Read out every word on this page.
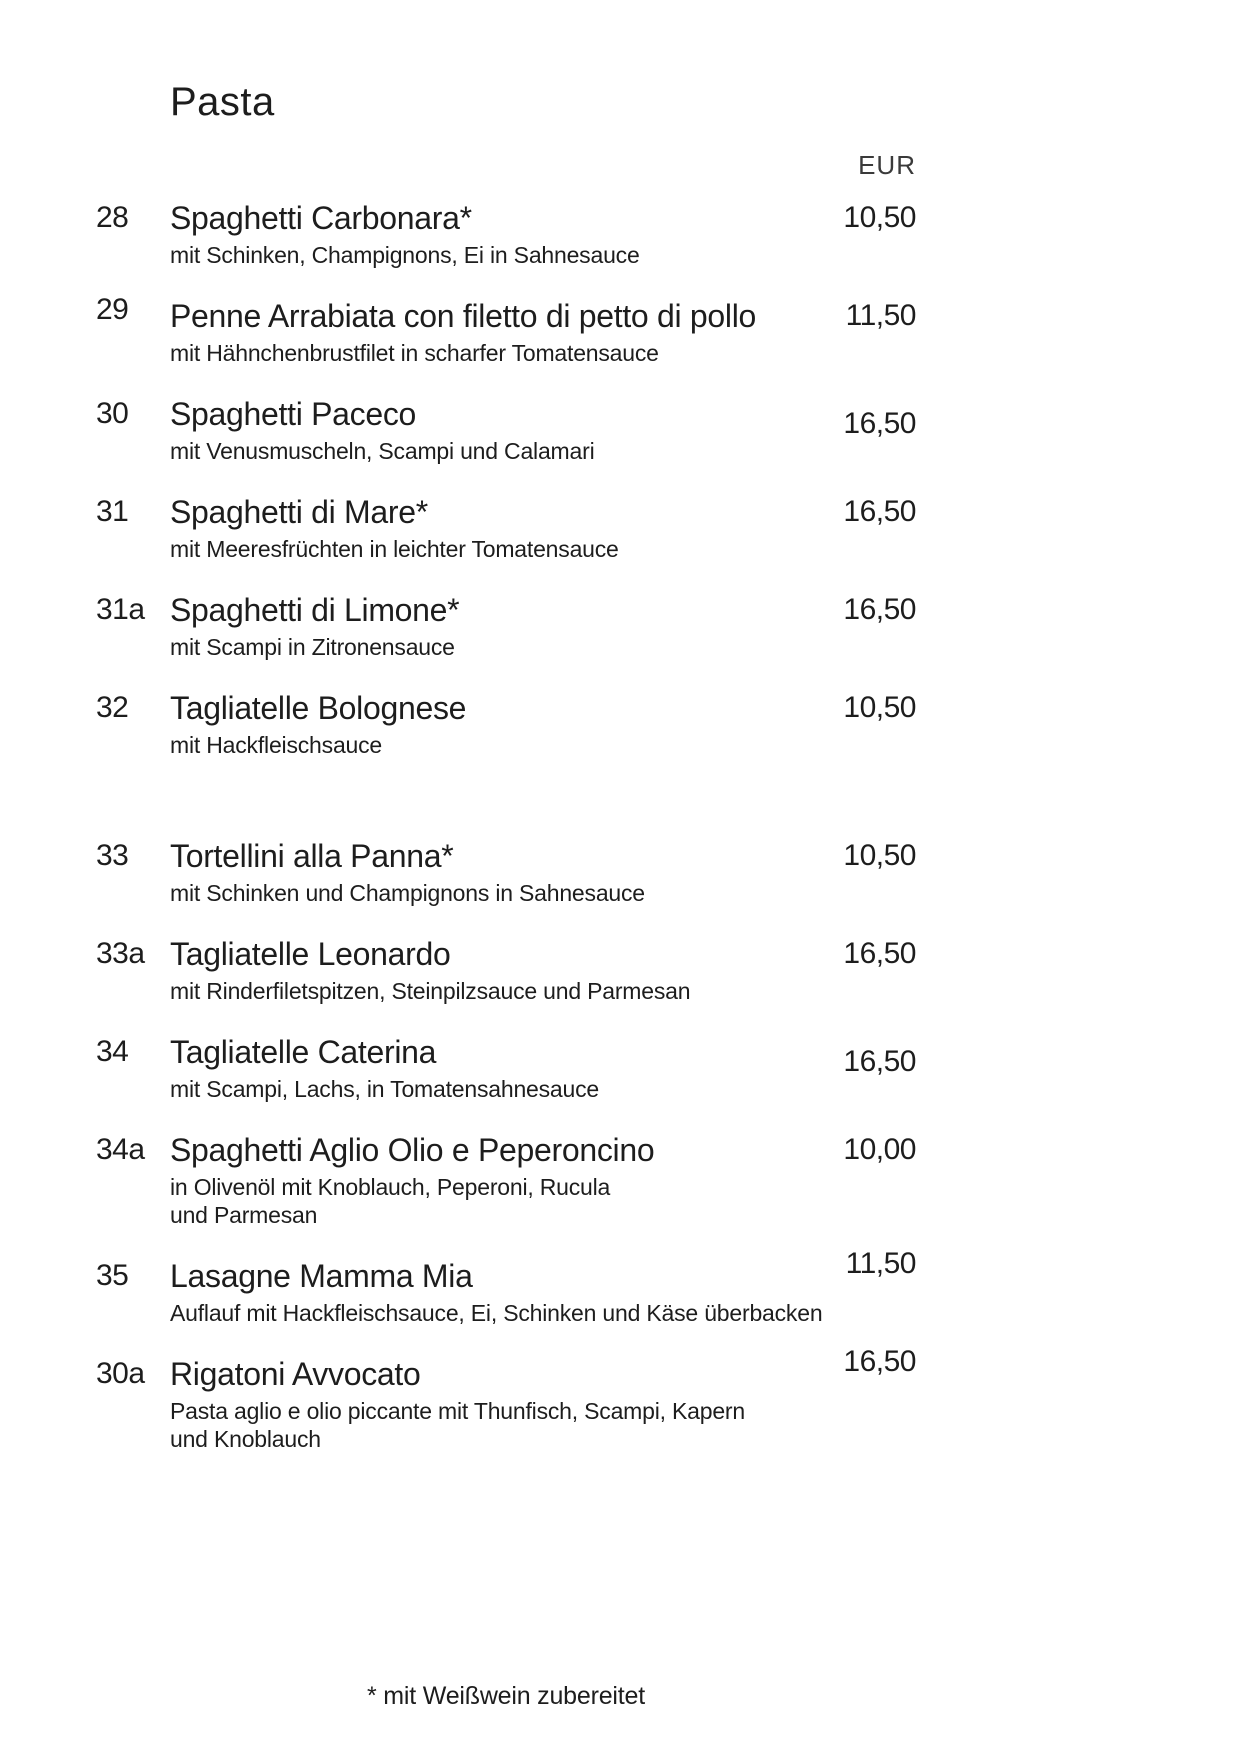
Pasta
EUR
28	Spaghetti Carbonara*
mit Schinken, Champignons, Ei in Sahnesauce
10,50
29	Penne Arrabiata con filetto di petto di pollo
mit Hähnchenbrustfilet in scharfer Tomatensauce
11,50
30	Spaghetti Paceco
mit Venusmuscheln, Scampi und Calamari
16,50
31	Spaghetti di Mare*
mit Meeresfrüchten in leichter Tomatensauce
16,50
31a Spaghetti di Limone*
mit Scampi in Zitronensauce
16,50
32	Tagliatelle Bolognese
mit Hackfleischsauce
10,50
33	Tortellini alla Panna*
mit Schinken und Champignons in Sahnesauce
10,50
33a Tagliatelle Leonardo
mit Rinderfiletspitzen, Steinpilzsauce und Parmesan
16,50
34	Tagliatelle Caterina
mit Scampi, Lachs, in Tomatensahnesauce
16,50
34a Spaghetti Aglio Olio e Peperoncino
in Olivenöl mit Knoblauch, Peperoni, Rucula
und Parmesan
10,00
35	Lasagne Mamma Mia
Auflauf mit Hackfleischsauce, Ei, Schinken und Käse überbacken
11,50
30a Rigatoni Avvocato
Pasta aglio e olio piccante mit Thunfisch, Scampi, Kapern
und Knoblauch
16,50
* mit Weißwein zubereitet
